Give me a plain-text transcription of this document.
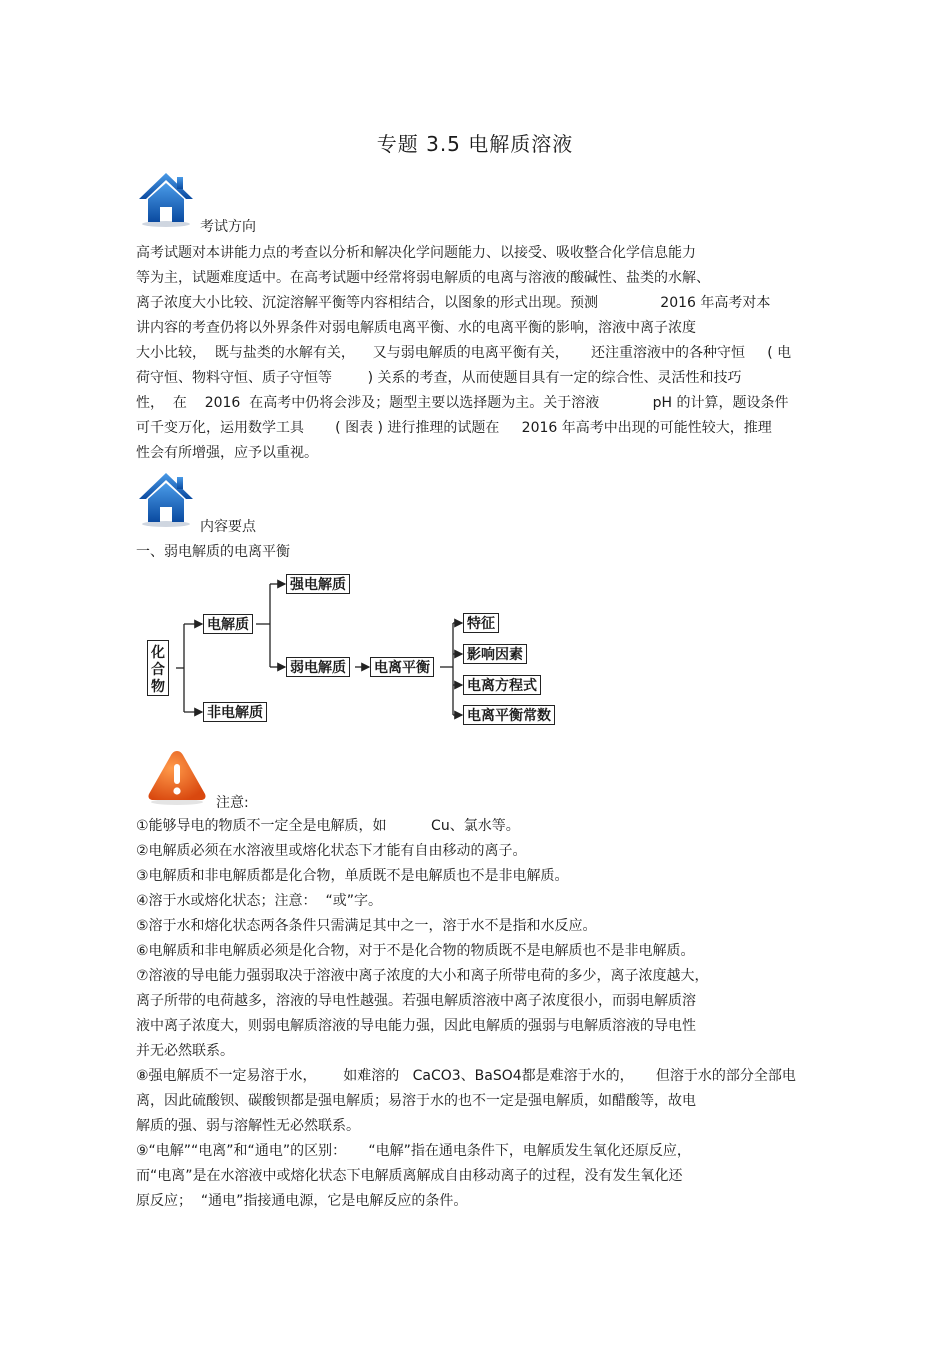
专题 3.5 电解质溶液
考试方向
高考试题对本讲能力点的考查以分析和解决化学问题能力、以接受、吸收整合化学信息能力
等为主，试题难度适中。在高考试题中经常将弱电解质的电离与溶液的酸碱性、盐类的水解、
离子浓度大小比较、沉淀溶解平衡等内容相结合，以图象的形式出现。预测              2016 年高考对本
讲内容的考查仍将以外界条件对弱电解质电离平衡、水的电离平衡的影响，溶液中离子浓度
大小比较，  既与盐类的水解有关，    又与弱电解质的电离平衡有关，     还注重溶液中的各种守恒     ( 电
荷守恒、物料守恒、质子守恒等        ) 关系的考查，从而使题目具有一定的综合性、灵活性和技巧
性，  在    2016  在高考中仍将会涉及；题型主要以选择题为主。关于溶液            pH 的计算，题设条件
可千变万化，运用数学工具       ( 图表 ) 进行推理的试题在     2016 年高考中出现的可能性较大，推理
性会有所增强，应予以重视。
内容要点
一、弱电解质的电离平衡
化合物
电解质
非电解质
强电解质
弱电解质 电离平衡
特征
影响因素
电离方程式
电离平衡常数
注意:
①能够导电的物质不一定全是电解质，如          Cu、氯水等。
②电解质必须在水溶液里或熔化状态下才能有自由移动的离子。
③电解质和非电解质都是化合物，单质既不是电解质也不是非电解质。
④溶于水或熔化状态；注意：  “或”字。
⑤溶于水和熔化状态两各条件只需满足其中之一，溶于水不是指和水反应。
⑥电解质和非电解质必须是化合物，对于不是化合物的物质既不是电解质也不是非电解质。
⑦溶液的导电能力强弱取决于溶液中离子浓度的大小和离子所带电荷的多少，离子浓度越大，
离子所带的电荷越多，溶液的导电性越强。若强电解质溶液中离子浓度很小，而弱电解质溶
液中离子浓度大，则弱电解质溶液的导电能力强，因此电解质的强弱与电解质溶液的导电性
并无必然联系。
⑧强电解质不一定易溶于水，      如难溶的   CaCO3、BaSO4都是难溶于水的，     但溶于水的部分全部电
离，因此硫酸钡、碳酸钡都是强电解质；易溶于水的也不一定是强电解质，如醋酸等，故电
解质的强、弱与溶解性无必然联系。
⑨“电解”“电离”和“通电”的区别：     “电解”指在通电条件下，电解质发生氧化还原反应，
而“电离”是在水溶液中或熔化状态下电解质离解成自由移动离子的过程，没有发生氧化还
原反应；  “通电”指接通电源，它是电解反应的条件。
